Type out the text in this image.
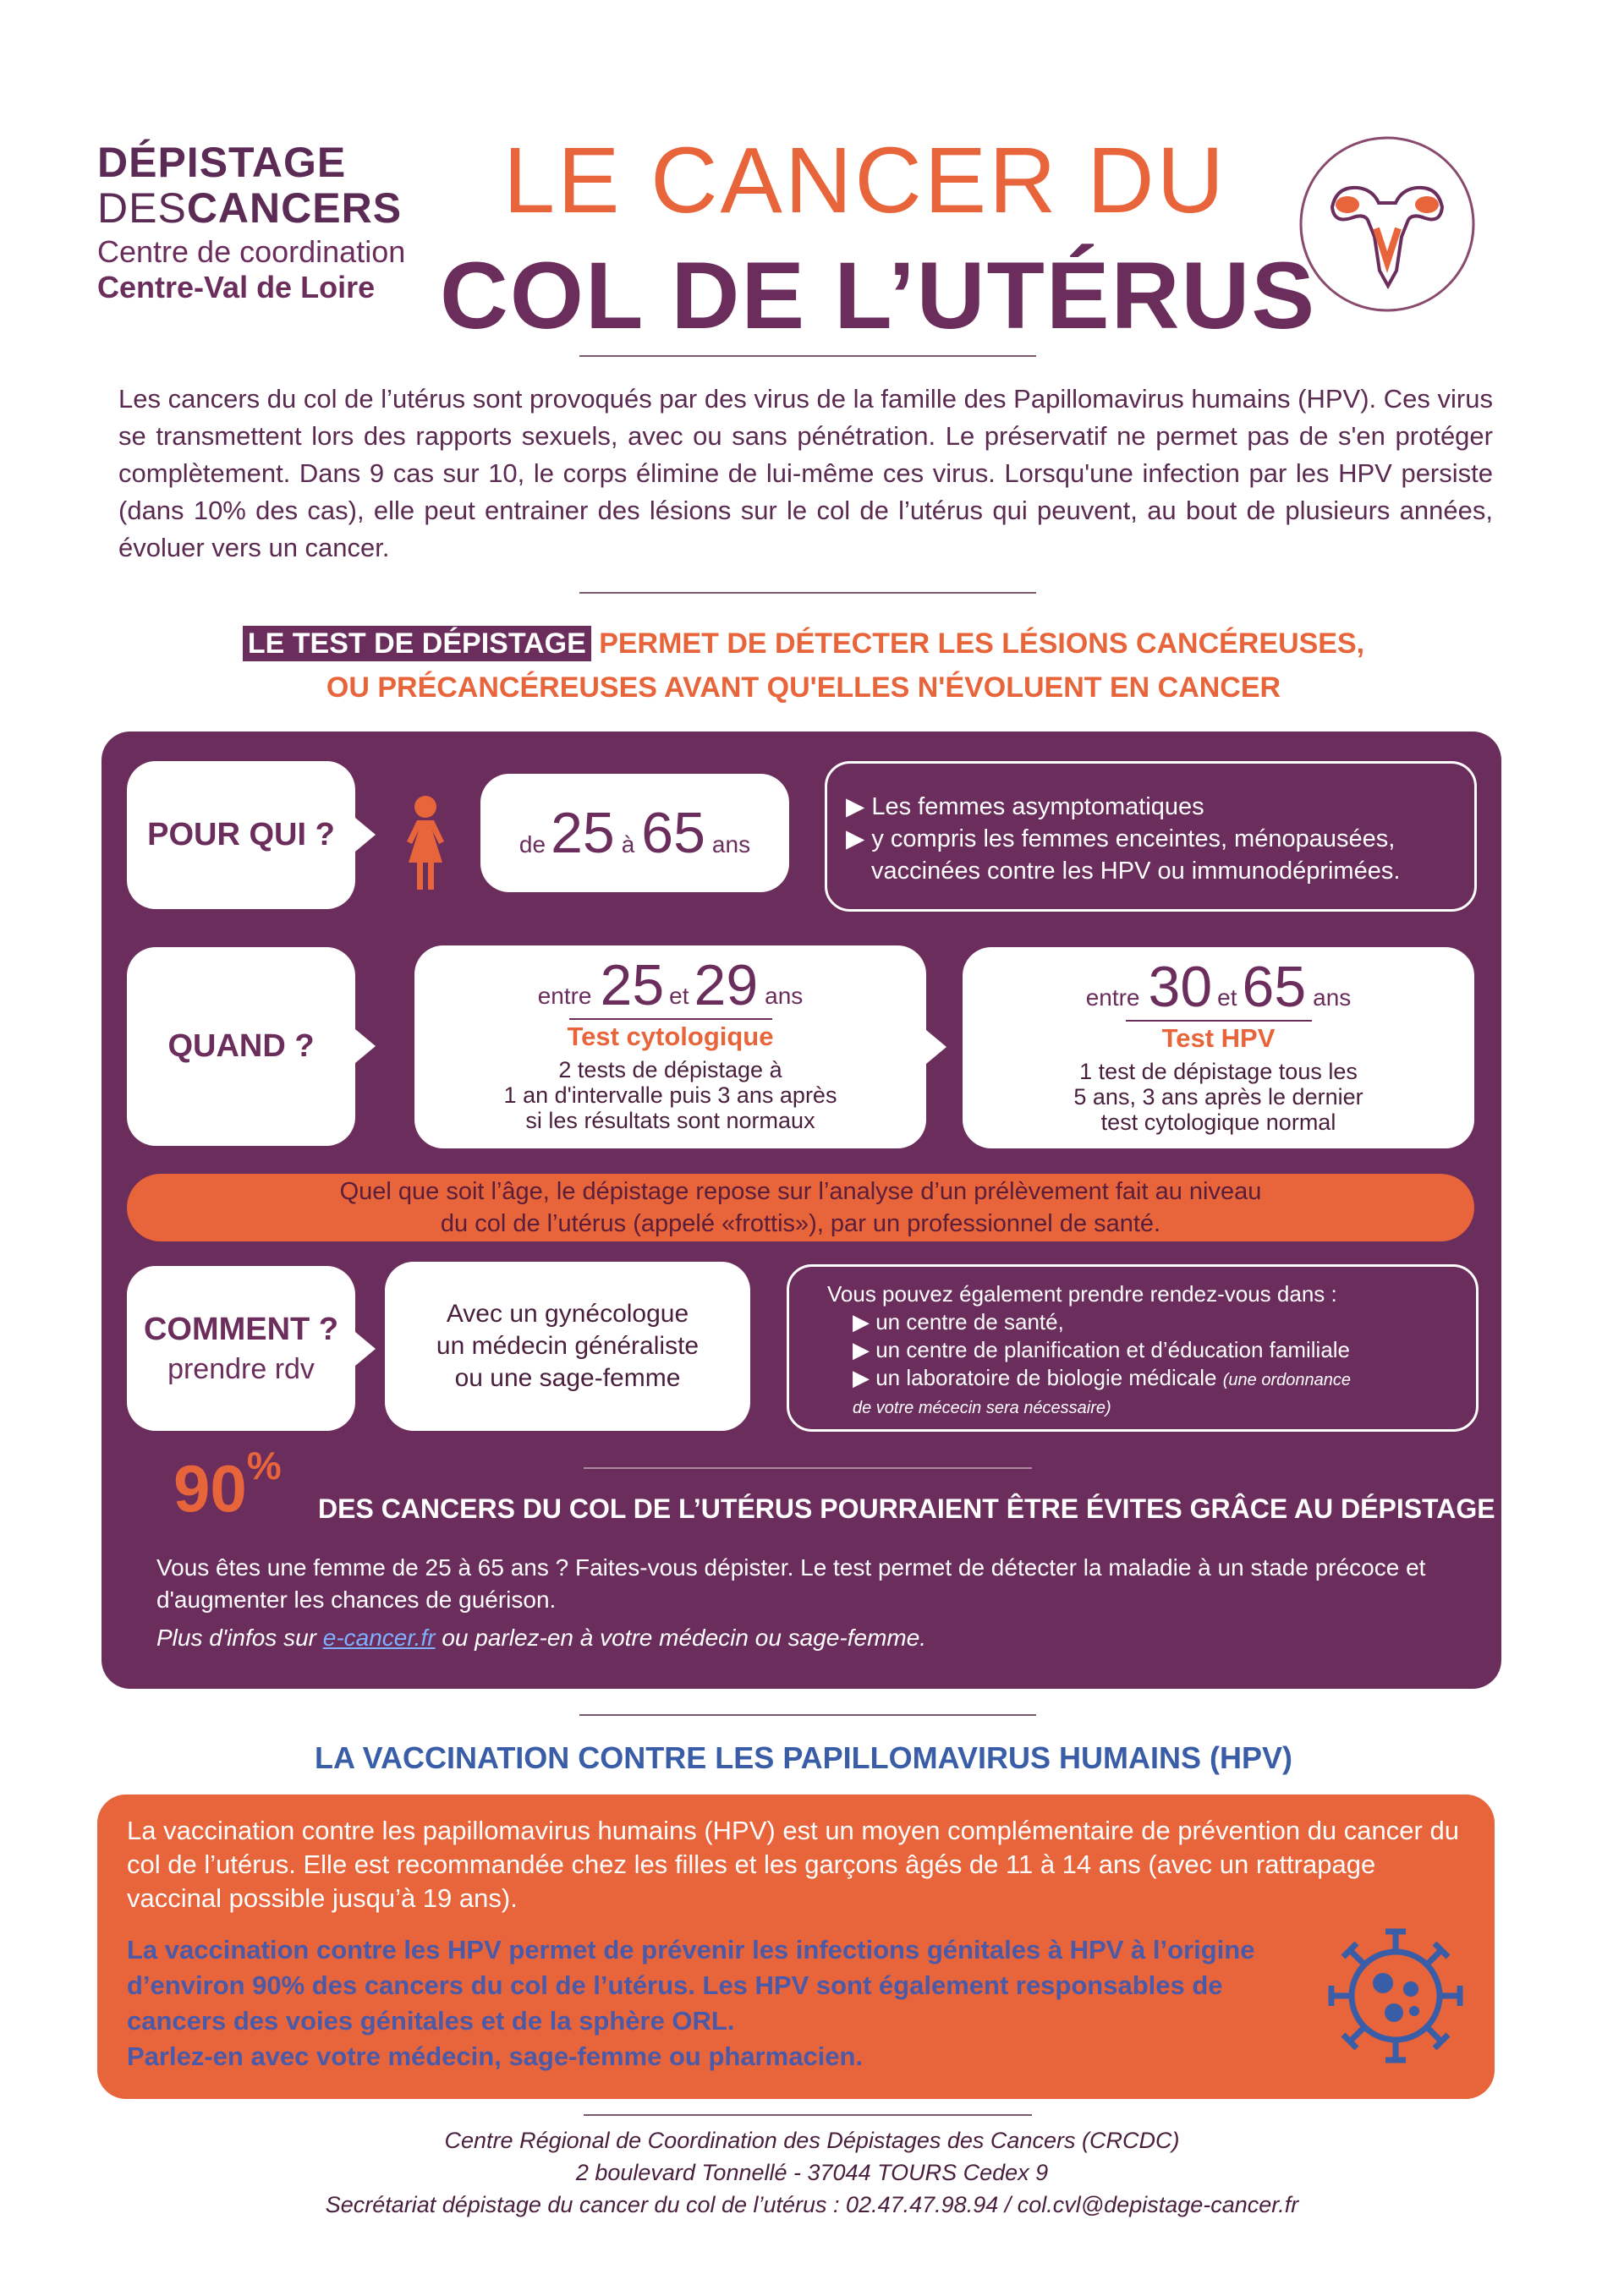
DÉPISTAGE
DESCANCERS
Centre de coordination
Centre-Val de Loire
LE CANCER DU
COL DE L’UTÉRUS
Les cancers du col de l’utérus sont provoqués par des virus de la famille des Papillomavirus humains (HPV). Ces virus se transmettent lors des rapports sexuels, avec ou sans pénétration. Le préservatif ne permet pas de s'en protéger complètement. Dans 9 cas sur 10, le corps élimine de lui-même ces virus. Lorsqu'une infection par les HPV persiste (dans 10% des cas), elle peut entrainer des lésions sur le col de l’utérus qui peuvent, au bout de plusieurs années, évoluer vers un cancer.
LE TEST DE DÉPISTAGE PERMET DE DÉTECTER LES LÉSIONS CANCÉREUSES,
OU PRÉCANCÉREUSES AVANT QU'ELLES N'ÉVOLUENT EN CANCER
POUR QUI ?	de 25 à 65 ans
▶ Les femmes asymptomatiques
▶ y compris les femmes enceintes, ménopausées,
vaccinées contre les HPV ou immunodéprimées.
QUAND ?
entre 25 et 29 ans
Test cytologique
2 tests de dépistage à
1 an d'intervalle puis 3 ans après
si les résultats sont normaux
entre 30 et 65 ans
Test HPV
1 test de dépistage tous les
5 ans, 3 ans après le dernier
test cytologique normal
Quel que soit l’âge, le dépistage repose sur l’analyse d’un prélèvement fait au niveau
du col de l’utérus (appelé «frottis»), par un professionnel de santé.
COMMENT ?
prendre rdv
Avec un gynécologue
un médecin généraliste
ou une sage-femme
Vous pouvez également prendre rendez-vous dans :
▶ un centre de santé,
▶ un centre de planification et d’éducation familiale
▶ un laboratoire de biologie médicale (une ordonnance
de votre mécecin sera nécessaire)
90%
DES CANCERS DU COL DE L’UTÉRUS POURRAIENT ÊTRE ÉVITES GRÂCE AU DÉPISTAGE
Vous êtes une femme de 25 à 65 ans ? Faites-vous dépister. Le test permet de détecter la maladie à un stade précoce et d'augmenter les chances de guérison.
Plus d'infos sur e-cancer.fr ou parlez-en à votre médecin ou sage-femme.
LA VACCINATION CONTRE LES PAPILLOMAVIRUS HUMAINS (HPV)
La vaccination contre les papillomavirus humains (HPV) est un moyen complémentaire de prévention du cancer du col de l’utérus. Elle est recommandée chez les filles et les garçons âgés de 11 à 14 ans (avec un rattrapage vaccinal possible jusqu’à 19 ans).
La vaccination contre les HPV permet de prévenir les infections génitales à HPV à l’origine d’environ 90% des cancers du col de l’utérus. Les HPV sont également responsables de cancers des voies génitales et de la sphère ORL.
Parlez-en avec votre médecin, sage-femme ou pharmacien.
Centre Régional de Coordination des Dépistages des Cancers (CRCDC)
2 boulevard Tonnellé - 37044 TOURS Cedex 9
Secrétariat dépistage du cancer du col de l’utérus : 02.47.47.98.94 / col.cvl@depistage-cancer.fr
